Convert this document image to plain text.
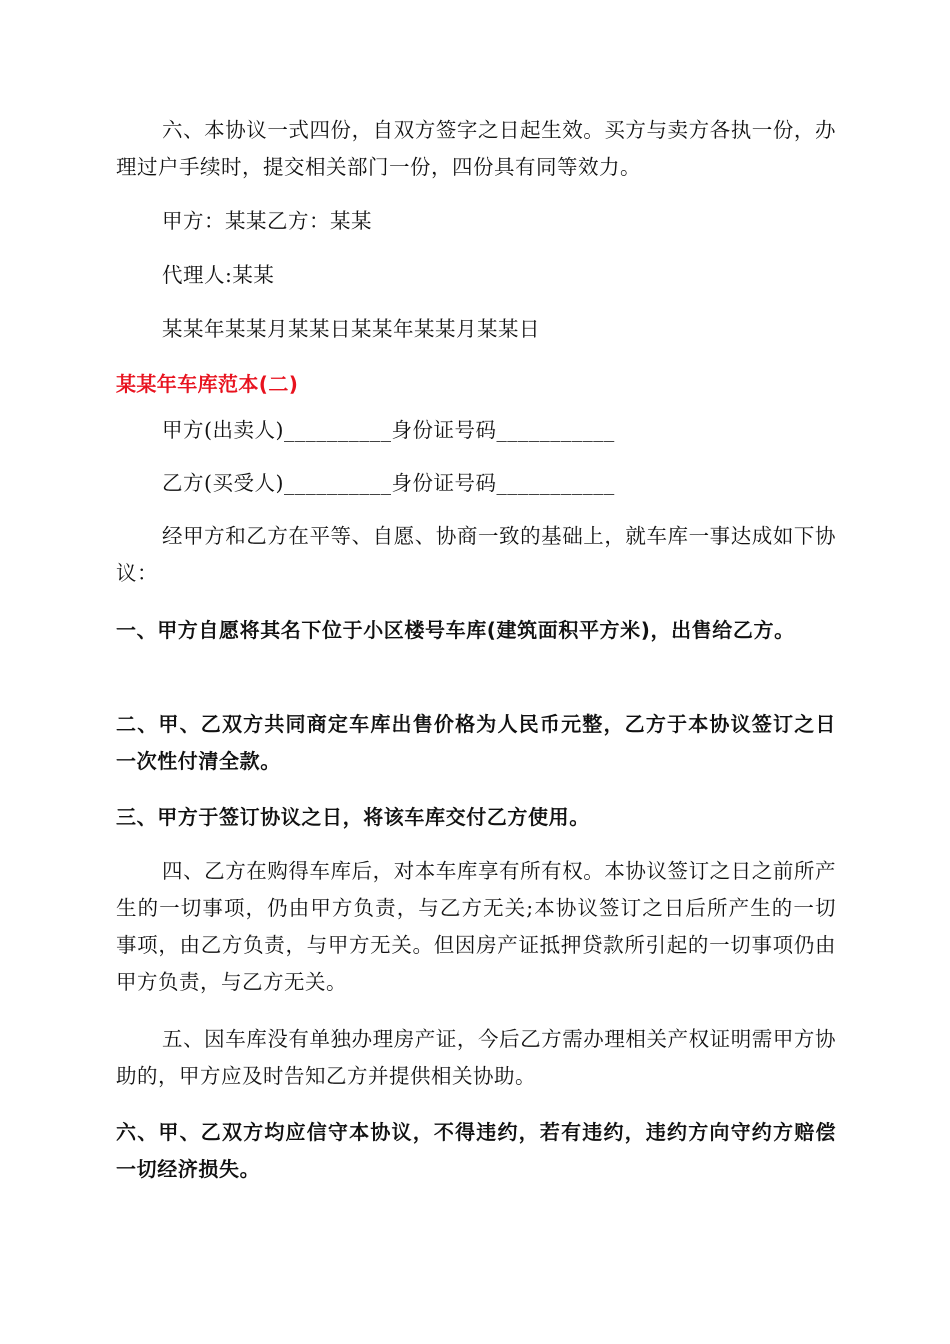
六、本协议一式四份，自双方签字之日起生效。买方与卖方各执一份，办理过户手续时，提交相关部门一份，四份具有同等效力。

甲方：某某乙方：某某

代理人:某某

某某年某某月某某日某某年某某月某某日

某某年车库范本(二)

甲方(出卖人)__________身份证号码___________

乙方(买受人)__________身份证号码___________

经甲方和乙方在平等、自愿、协商一致的基础上，就车库一事达成如下协议：

一、甲方自愿将其名下位于小区楼号车库(建筑面积平方米)，出售给乙方。

二、甲、乙双方共同商定车库出售价格为人民币元整，乙方于本协议签订之日一次性付清全款。

三、甲方于签订协议之日，将该车库交付乙方使用。

四、乙方在购得车库后，对本车库享有所有权。本协议签订之日之前所产生的一切事项，仍由甲方负责，与乙方无关;本协议签订之日后所产生的一切事项，由乙方负责，与甲方无关。但因房产证抵押贷款所引起的一切事项仍由甲方负责，与乙方无关。

五、因车库没有单独办理房产证，今后乙方需办理相关产权证明需甲方协助的，甲方应及时告知乙方并提供相关协助。

六、甲、乙双方均应信守本协议，不得违约，若有违约，违约方向守约方赔偿一切经济损失。
